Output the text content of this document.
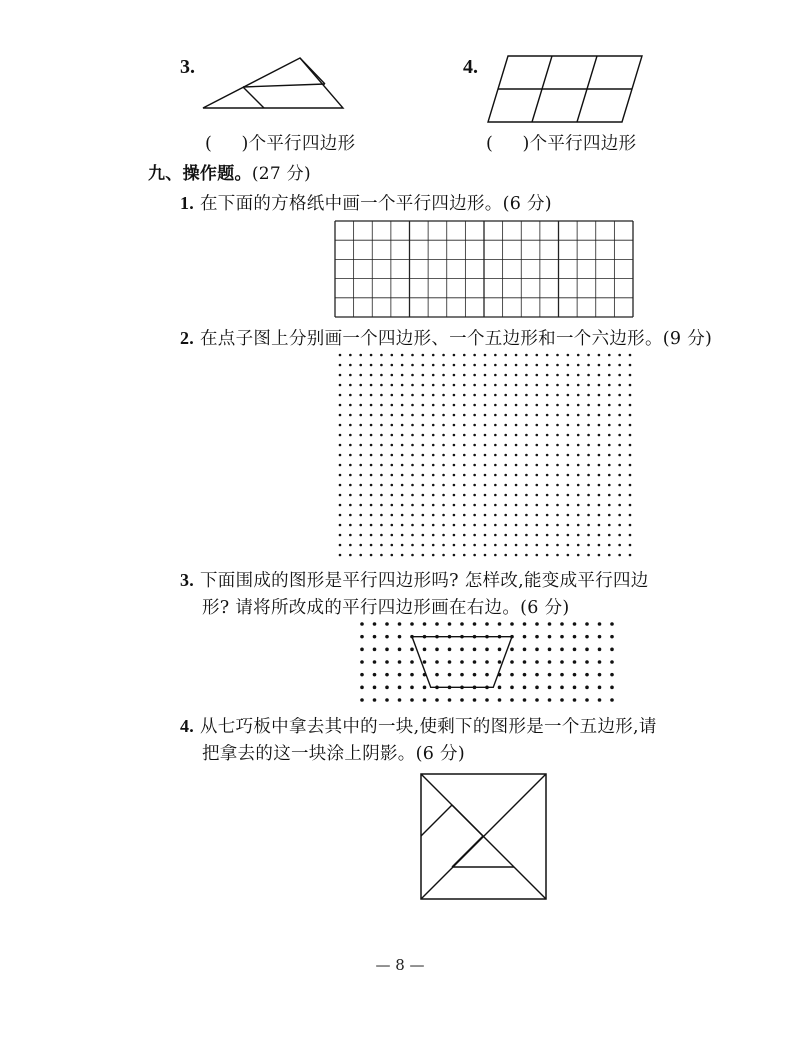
3.	4.
(     )个平行四边形	(     )个平行四边形
九、操作题。(27 分)
1. 在下面的方格纸中画一个平行四边形。(6 分)
2. 在点子图上分别画一个四边形、一个五边形和一个六边形。(9 分)
3. 下面围成的图形是平行四边形吗? 怎样改,能变成平行四边
形? 请将所改成的平行四边形画在右边。(6 分)
4. 从七巧板中拿去其中的一块,使剩下的图形是一个五边形,请
把拿去的这一块涂上阴影。(6 分)
— 8 —
